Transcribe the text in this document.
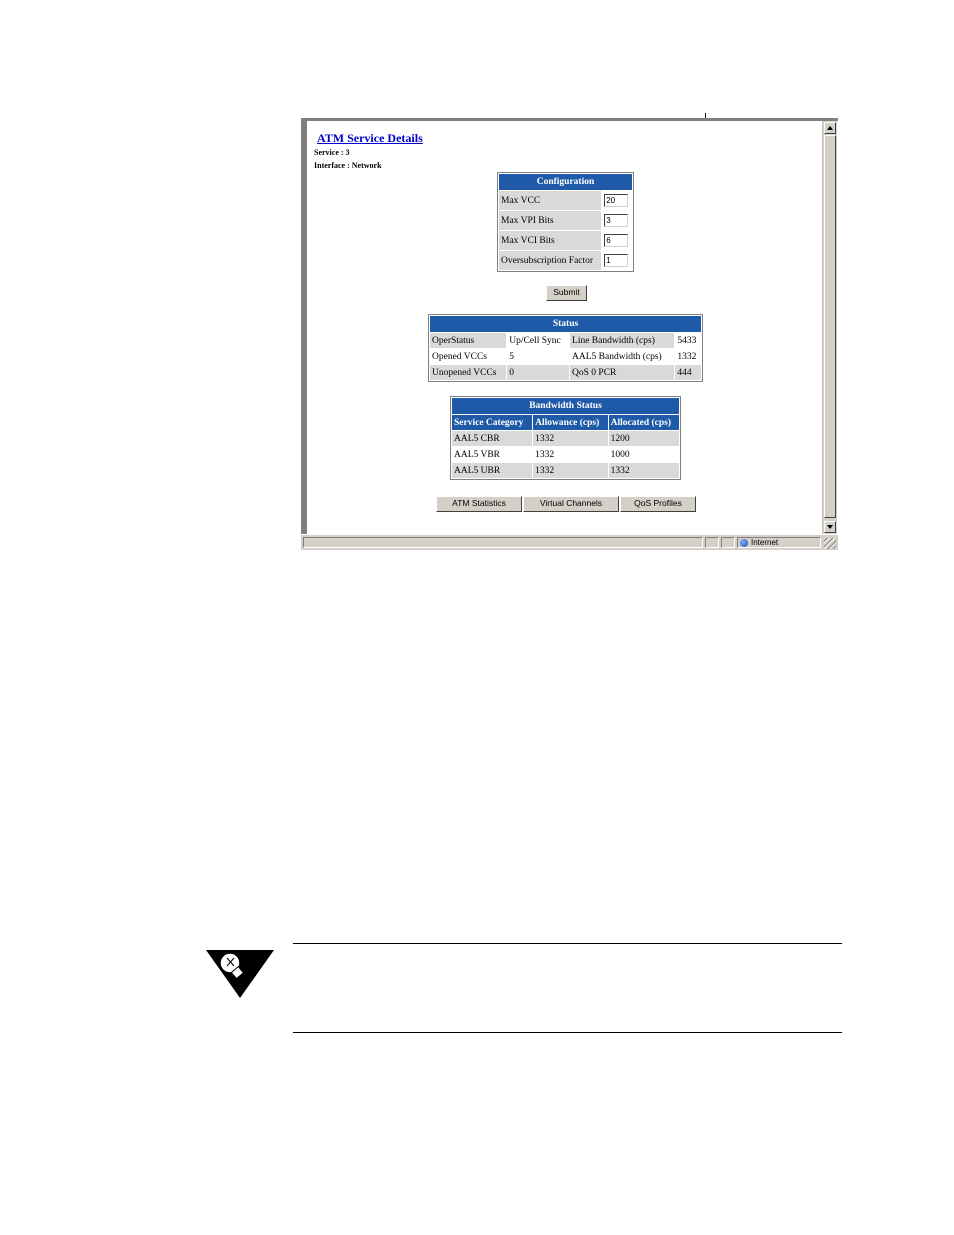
ATM Service Details
Service : 3
Interface : Network
Configuration	
Max VCC	20

Max VPI Bits	3

Max VCI Bits	6

Oversubscription Factor	1
Submit
Status			
OperStatus	Up/Cell Sync	Line Bandwidth (cps)	5433
Opened VCCs	5	AAL5 Bandwidth (cps)	1332
Unopened VCCs	0	QoS 0 PCR	444
Bandwidth Status		
Service Category	Allowance (cps)	Allocated (cps)
AAL5 CBR	1332	1200
AAL5 VBR	1332	1000
AAL5 UBR	1332	1332
ATM Statistics	Virtual Channels	QoS Profiles
Internet
